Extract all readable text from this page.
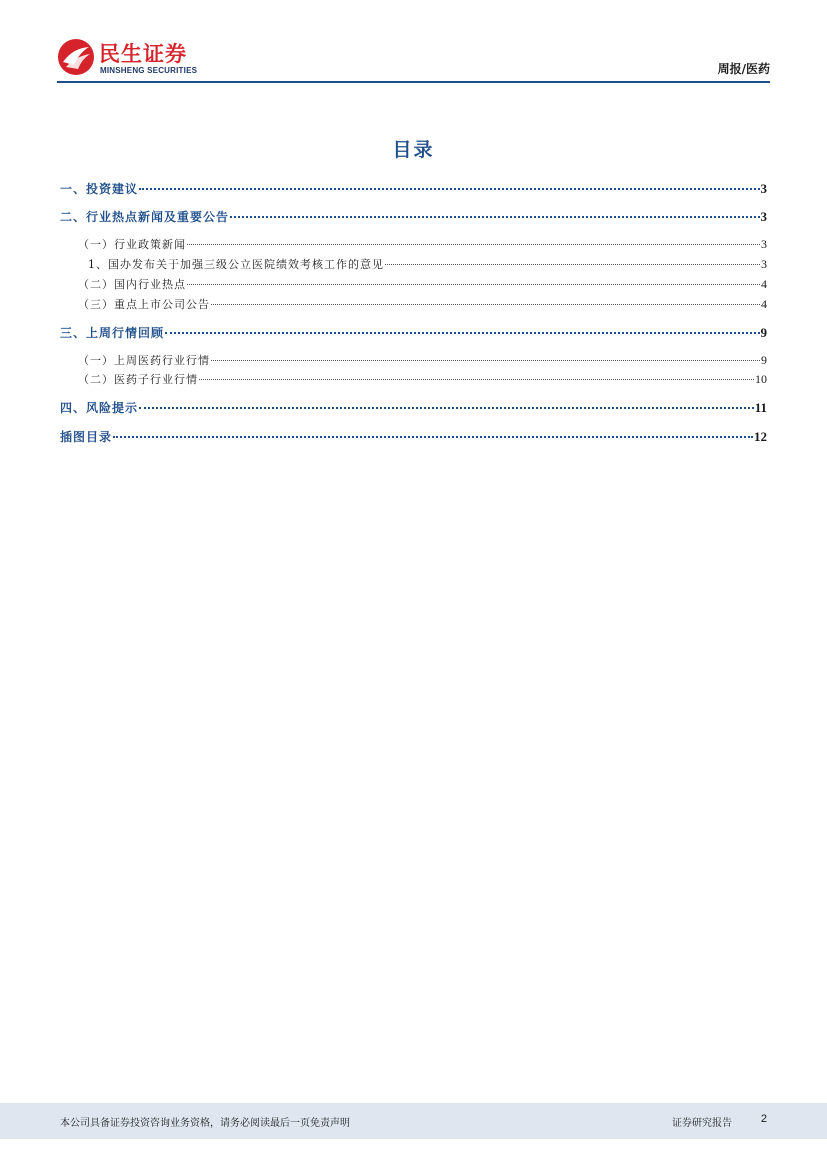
民生证券
MINSHENG SECURITIES	周报/医药
目录
一、投资建议	3
二、行业热点新闻及重要公告	3
（一）行业政策新闻	3
1、国办发布关于加强三级公立医院绩效考核工作的意见	3
（二）国内行业热点	4
（三）重点上市公司公告	4
三、上周行情回顾	9
（一）上周医药行业行情	9
（二）医药子行业行情	10
四、风险提示	11
插图目录	12
本公司具备证券投资咨询业务资格，请务必阅读最后一页免责声明	证券研究报告	2
